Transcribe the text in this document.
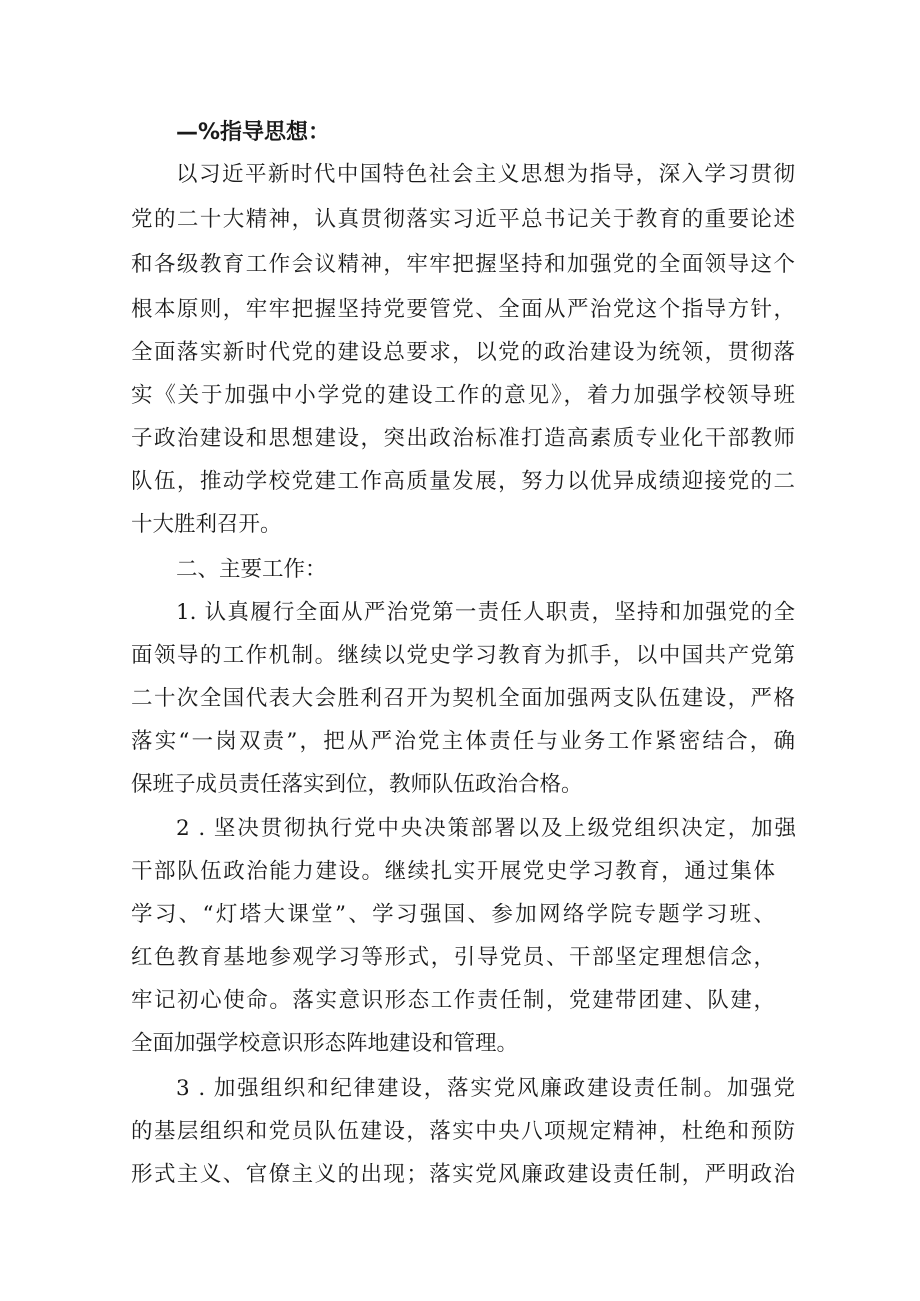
—%指导思想：
以习近平新时代中国特色社会主义思想为指导，深入学习贯彻
党的二十大精神，认真贯彻落实习近平总书记关于教育的重要论述
和各级教育工作会议精神，牢牢把握坚持和加强党的全面领导这个
根本原则，牢牢把握坚持党要管党、全面从严治党这个指导方针，
全面落实新时代党的建设总要求，以党的政治建设为统领，贯彻落
实《关于加强中小学党的建设工作的意见》，着力加强学校领导班
子政治建设和思想建设，突出政治标准打造高素质专业化干部教师
队伍，推动学校党建工作高质量发展，努力以优异成绩迎接党的二
十大胜利召开。
二、主要工作：
1. 认真履行全面从严治党第一责任人职责，坚持和加强党的全
面领导的工作机制。继续以党史学习教育为抓手，以中国共产党第
二十次全国代表大会胜利召开为契机全面加强两支队伍建设，严格
落实“一岗双责”，把从严治党主体责任与业务工作紧密结合，确
保班子成员责任落实到位，教师队伍政治合格。
2 . 坚决贯彻执行党中央决策部署以及上级党组织决定，加强
干部队伍政治能力建设。继续扎实开展党史学习教育，通过集体
学习、“灯塔大课堂”、学习强国、参加网络学院专题学习班、
红色教育基地参观学习等形式，引导党员、干部坚定理想信念，
牢记初心使命。落实意识形态工作责任制，党建带团建、队建，
全面加强学校意识形态阵地建设和管理。
3 . 加强组织和纪律建设，落实党风廉政建设责任制。加强党
的基层组织和党员队伍建设，落实中央八项规定精神，杜绝和预防
形式主义、官僚主义的出现；落实党风廉政建设责任制，严明政治
